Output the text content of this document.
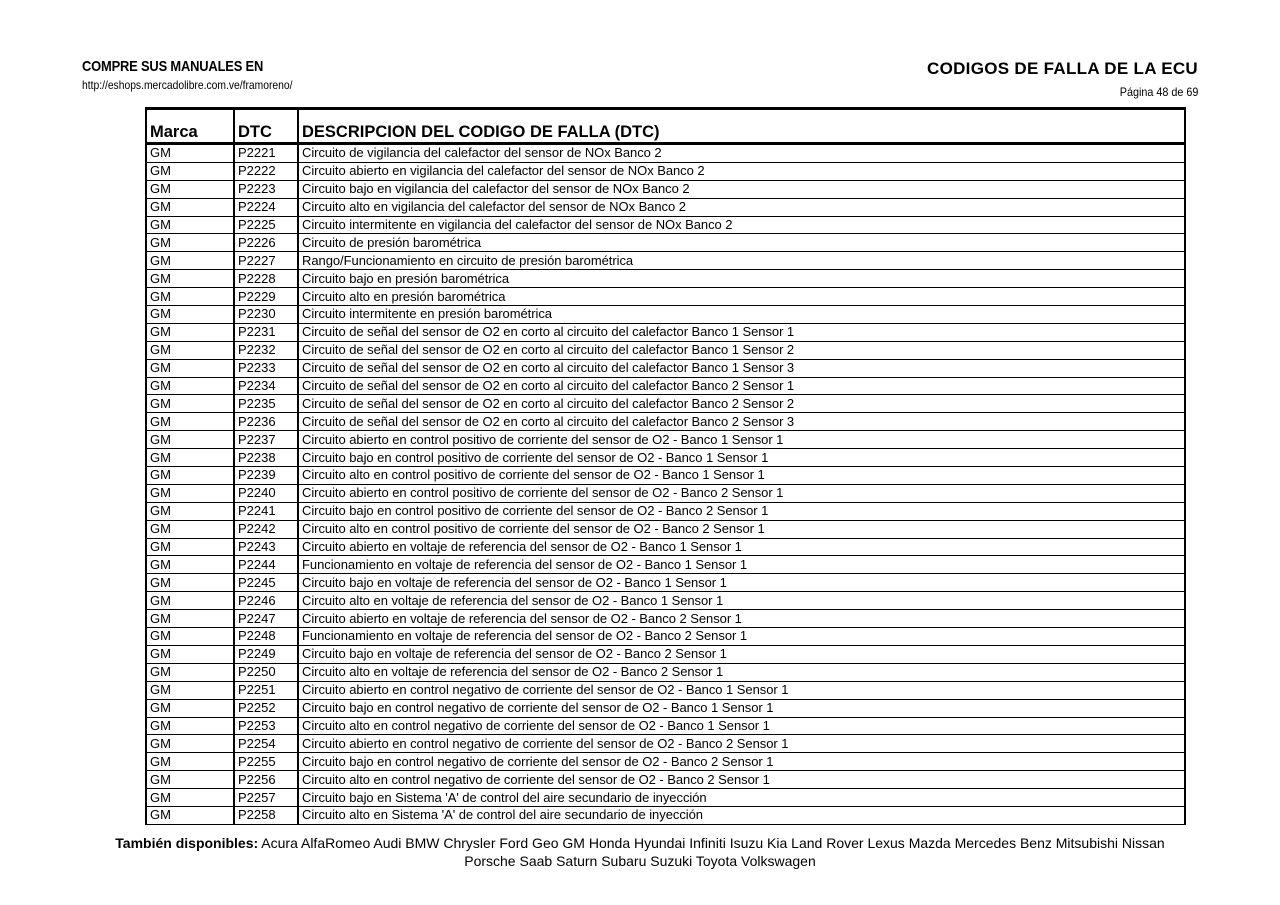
COMPRE SUS MANUALES EN
http://eshops.mercadolibre.com.ve/framoreno/
CODIGOS DE FALLA DE LA ECU
Página 48 de 69
Marca	DTC	DESCRIPCION DEL CODIGO DE FALLA (DTC)
GM	P2221	Circuito de vigilancia del calefactor del sensor de NOx Banco 2
GM	P2222	Circuito abierto en vigilancia del calefactor del sensor de NOx Banco 2
GM	P2223	Circuito bajo en vigilancia del calefactor del sensor de NOx Banco 2
GM	P2224	Circuito alto en vigilancia del calefactor del sensor de NOx Banco 2
GM	P2225	Circuito intermitente en vigilancia del calefactor del sensor de NOx Banco 2
GM	P2226	Circuito de presión barométrica
GM	P2227	Rango/Funcionamiento en circuito de presión barométrica
GM	P2228	Circuito bajo en presión barométrica
GM	P2229	Circuito alto en presión barométrica
GM	P2230	Circuito intermitente en presión barométrica
GM	P2231	Circuito de señal del sensor de O2 en corto al circuito del calefactor Banco 1 Sensor 1
GM	P2232	Circuito de señal del sensor de O2 en corto al circuito del calefactor Banco 1 Sensor 2
GM	P2233	Circuito de señal del sensor de O2 en corto al circuito del calefactor Banco 1 Sensor 3
GM	P2234	Circuito de señal del sensor de O2 en corto al circuito del calefactor Banco 2 Sensor 1
GM	P2235	Circuito de señal del sensor de O2 en corto al circuito del calefactor Banco 2 Sensor 2
GM	P2236	Circuito de señal del sensor de O2 en corto al circuito del calefactor Banco 2 Sensor 3
GM	P2237	Circuito abierto en control positivo de corriente del sensor de O2 - Banco 1 Sensor 1
GM	P2238	Circuito bajo en control positivo de corriente del sensor de O2 - Banco 1 Sensor 1
GM	P2239	Circuito alto en control positivo de corriente del sensor de O2 - Banco 1 Sensor 1
GM	P2240	Circuito abierto en control positivo de corriente del sensor de O2 - Banco 2 Sensor 1
GM	P2241	Circuito bajo en control positivo de corriente del sensor de O2 - Banco 2 Sensor 1
GM	P2242	Circuito alto en control positivo de corriente del sensor de O2 - Banco 2 Sensor 1
GM	P2243	Circuito abierto en voltaje de referencia del sensor de O2 - Banco 1 Sensor 1
GM	P2244	Funcionamiento en voltaje de referencia del sensor de O2 - Banco 1 Sensor 1
GM	P2245	Circuito bajo en voltaje de referencia del sensor de O2 - Banco 1 Sensor 1
GM	P2246	Circuito alto en voltaje de referencia del sensor de O2 - Banco 1 Sensor 1
GM	P2247	Circuito abierto en voltaje de referencia del sensor de O2 - Banco 2 Sensor 1
GM	P2248	Funcionamiento en voltaje de referencia del sensor de O2 - Banco 2 Sensor 1
GM	P2249	Circuito bajo en voltaje de referencia del sensor de O2 - Banco 2 Sensor 1
GM	P2250	Circuito alto en voltaje de referencia del sensor de O2 - Banco 2 Sensor 1
GM	P2251	Circuito abierto en control negativo de corriente del sensor de O2 - Banco 1 Sensor 1
GM	P2252	Circuito bajo en control negativo de corriente del sensor de O2 - Banco 1 Sensor 1
GM	P2253	Circuito alto en control negativo de corriente del sensor de O2 - Banco 1 Sensor 1
GM	P2254	Circuito abierto en control negativo de corriente del sensor de O2 - Banco 2 Sensor 1
GM	P2255	Circuito bajo en control negativo de corriente del sensor de O2 - Banco 2 Sensor 1
GM	P2256	Circuito alto en control negativo de corriente del sensor de O2 - Banco 2 Sensor 1
GM	P2257	Circuito bajo en Sistema 'A' de control del aire secundario de inyección
GM	P2258	Circuito alto en Sistema 'A' de control del aire secundario de inyección
También disponibles: Acura AlfaRomeo Audi BMW Chrysler Ford Geo GM Honda Hyundai Infiniti Isuzu Kia Land Rover Lexus Mazda Mercedes Benz Mitsubishi Nissan
Porsche Saab Saturn Subaru Suzuki Toyota Volkswagen
